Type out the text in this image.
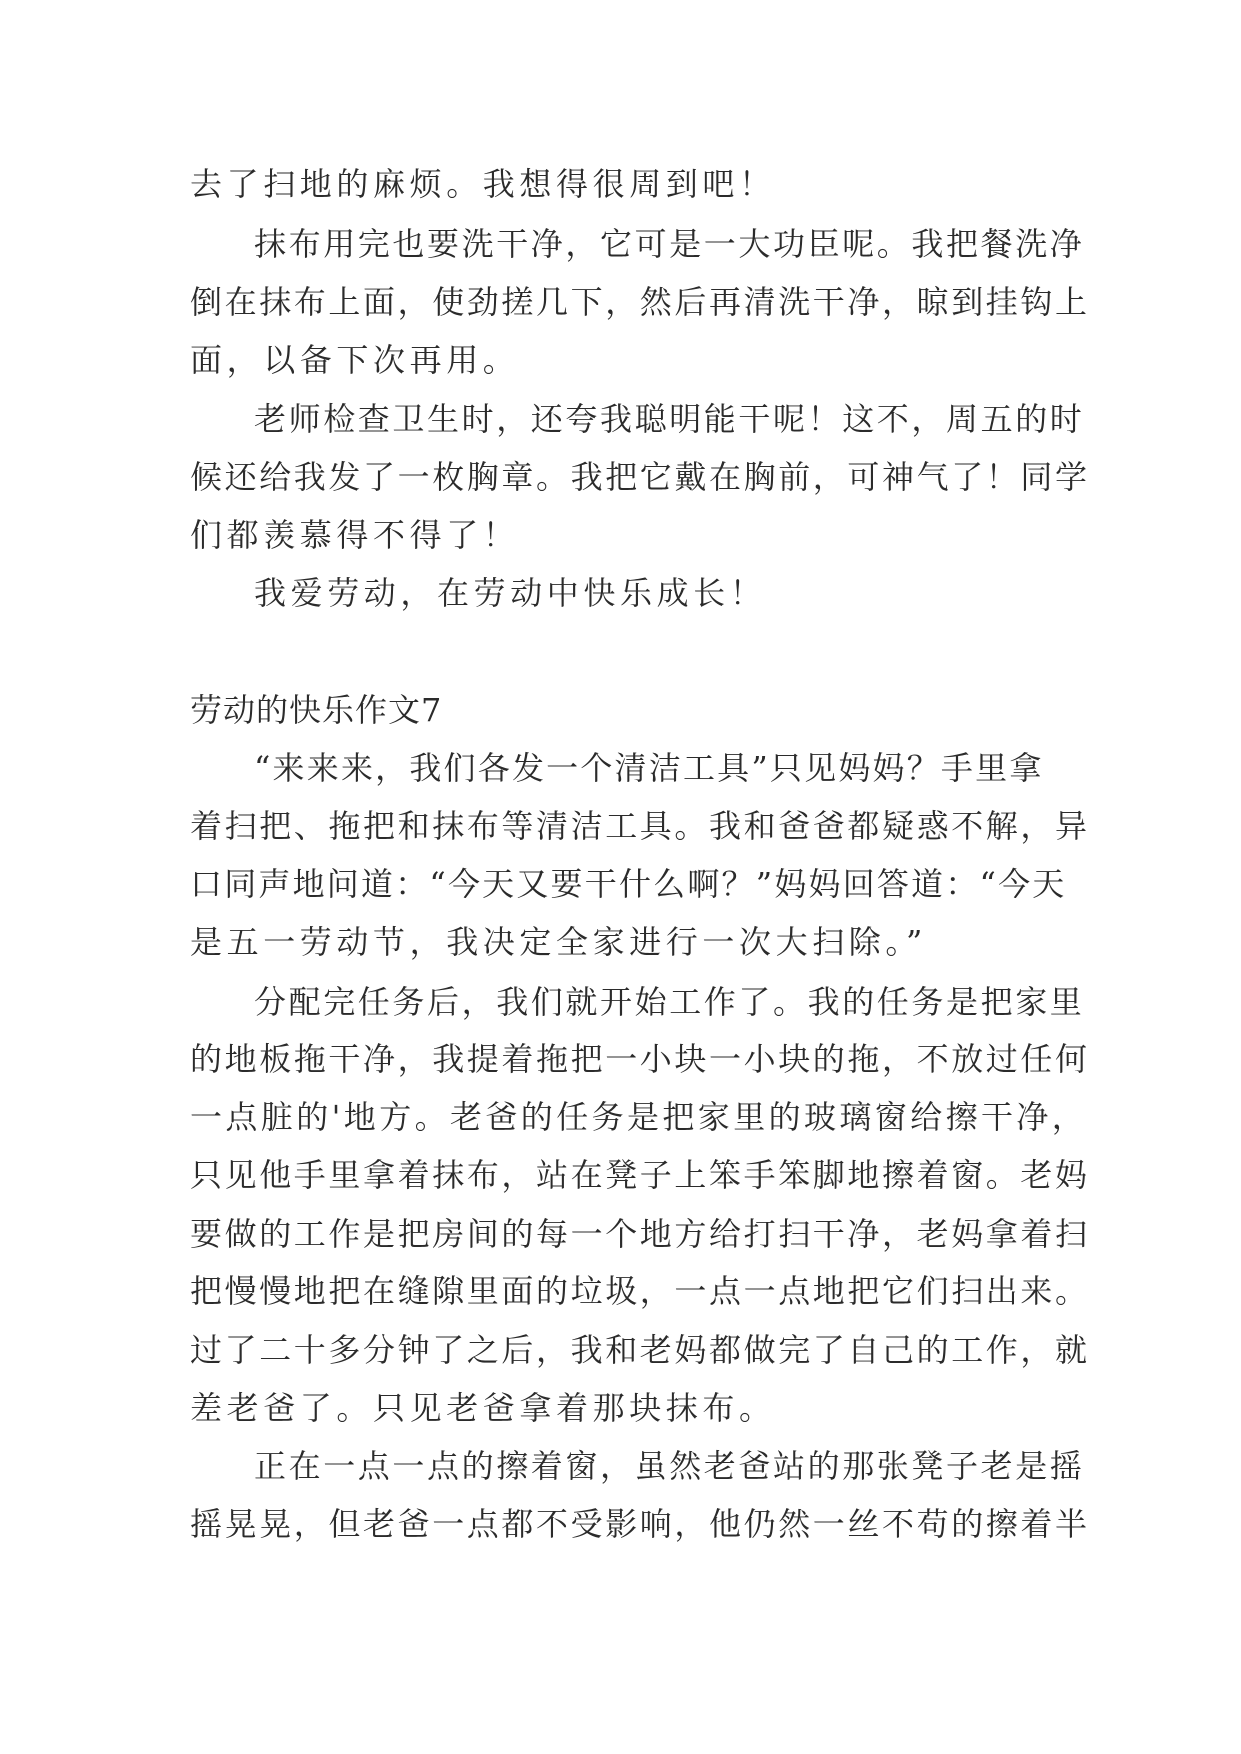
去了扫地的麻烦。我想得很周到吧！
抹布用完也要洗干净，它可是一大功臣呢。我把餐洗净
倒在抹布上面，使劲搓几下，然后再清洗干净，晾到挂钩上
面，以备下次再用。
老师检查卫生时，还夸我聪明能干呢！这不，周五的时
候还给我发了一枚胸章。我把它戴在胸前，可神气了！同学
们都羡慕得不得了！
我爱劳动，在劳动中快乐成长！
劳动的快乐作文7
“来来来，我们各发一个清洁工具”只见妈妈？手里拿
着扫把、拖把和抹布等清洁工具。我和爸爸都疑惑不解，异
口同声地问道：“今天又要干什么啊？”妈妈回答道：“今天
是五一劳动节，我决定全家进行一次大扫除。”
分配完任务后，我们就开始工作了。我的任务是把家里
的地板拖干净，我提着拖把一小块一小块的拖，不放过任何
一点脏的'地方。老爸的任务是把家里的玻璃窗给擦干净，
只见他手里拿着抹布，站在凳子上笨手笨脚地擦着窗。老妈
要做的工作是把房间的每一个地方给打扫干净，老妈拿着扫
把慢慢地把在缝隙里面的垃圾，一点一点地把它们扫出来。
过了二十多分钟了之后，我和老妈都做完了自己的工作，就
差老爸了。只见老爸拿着那块抹布。
正在一点一点的擦着窗，虽然老爸站的那张凳子老是摇
摇晃晃，但老爸一点都不受影响，他仍然一丝不苟的擦着半
